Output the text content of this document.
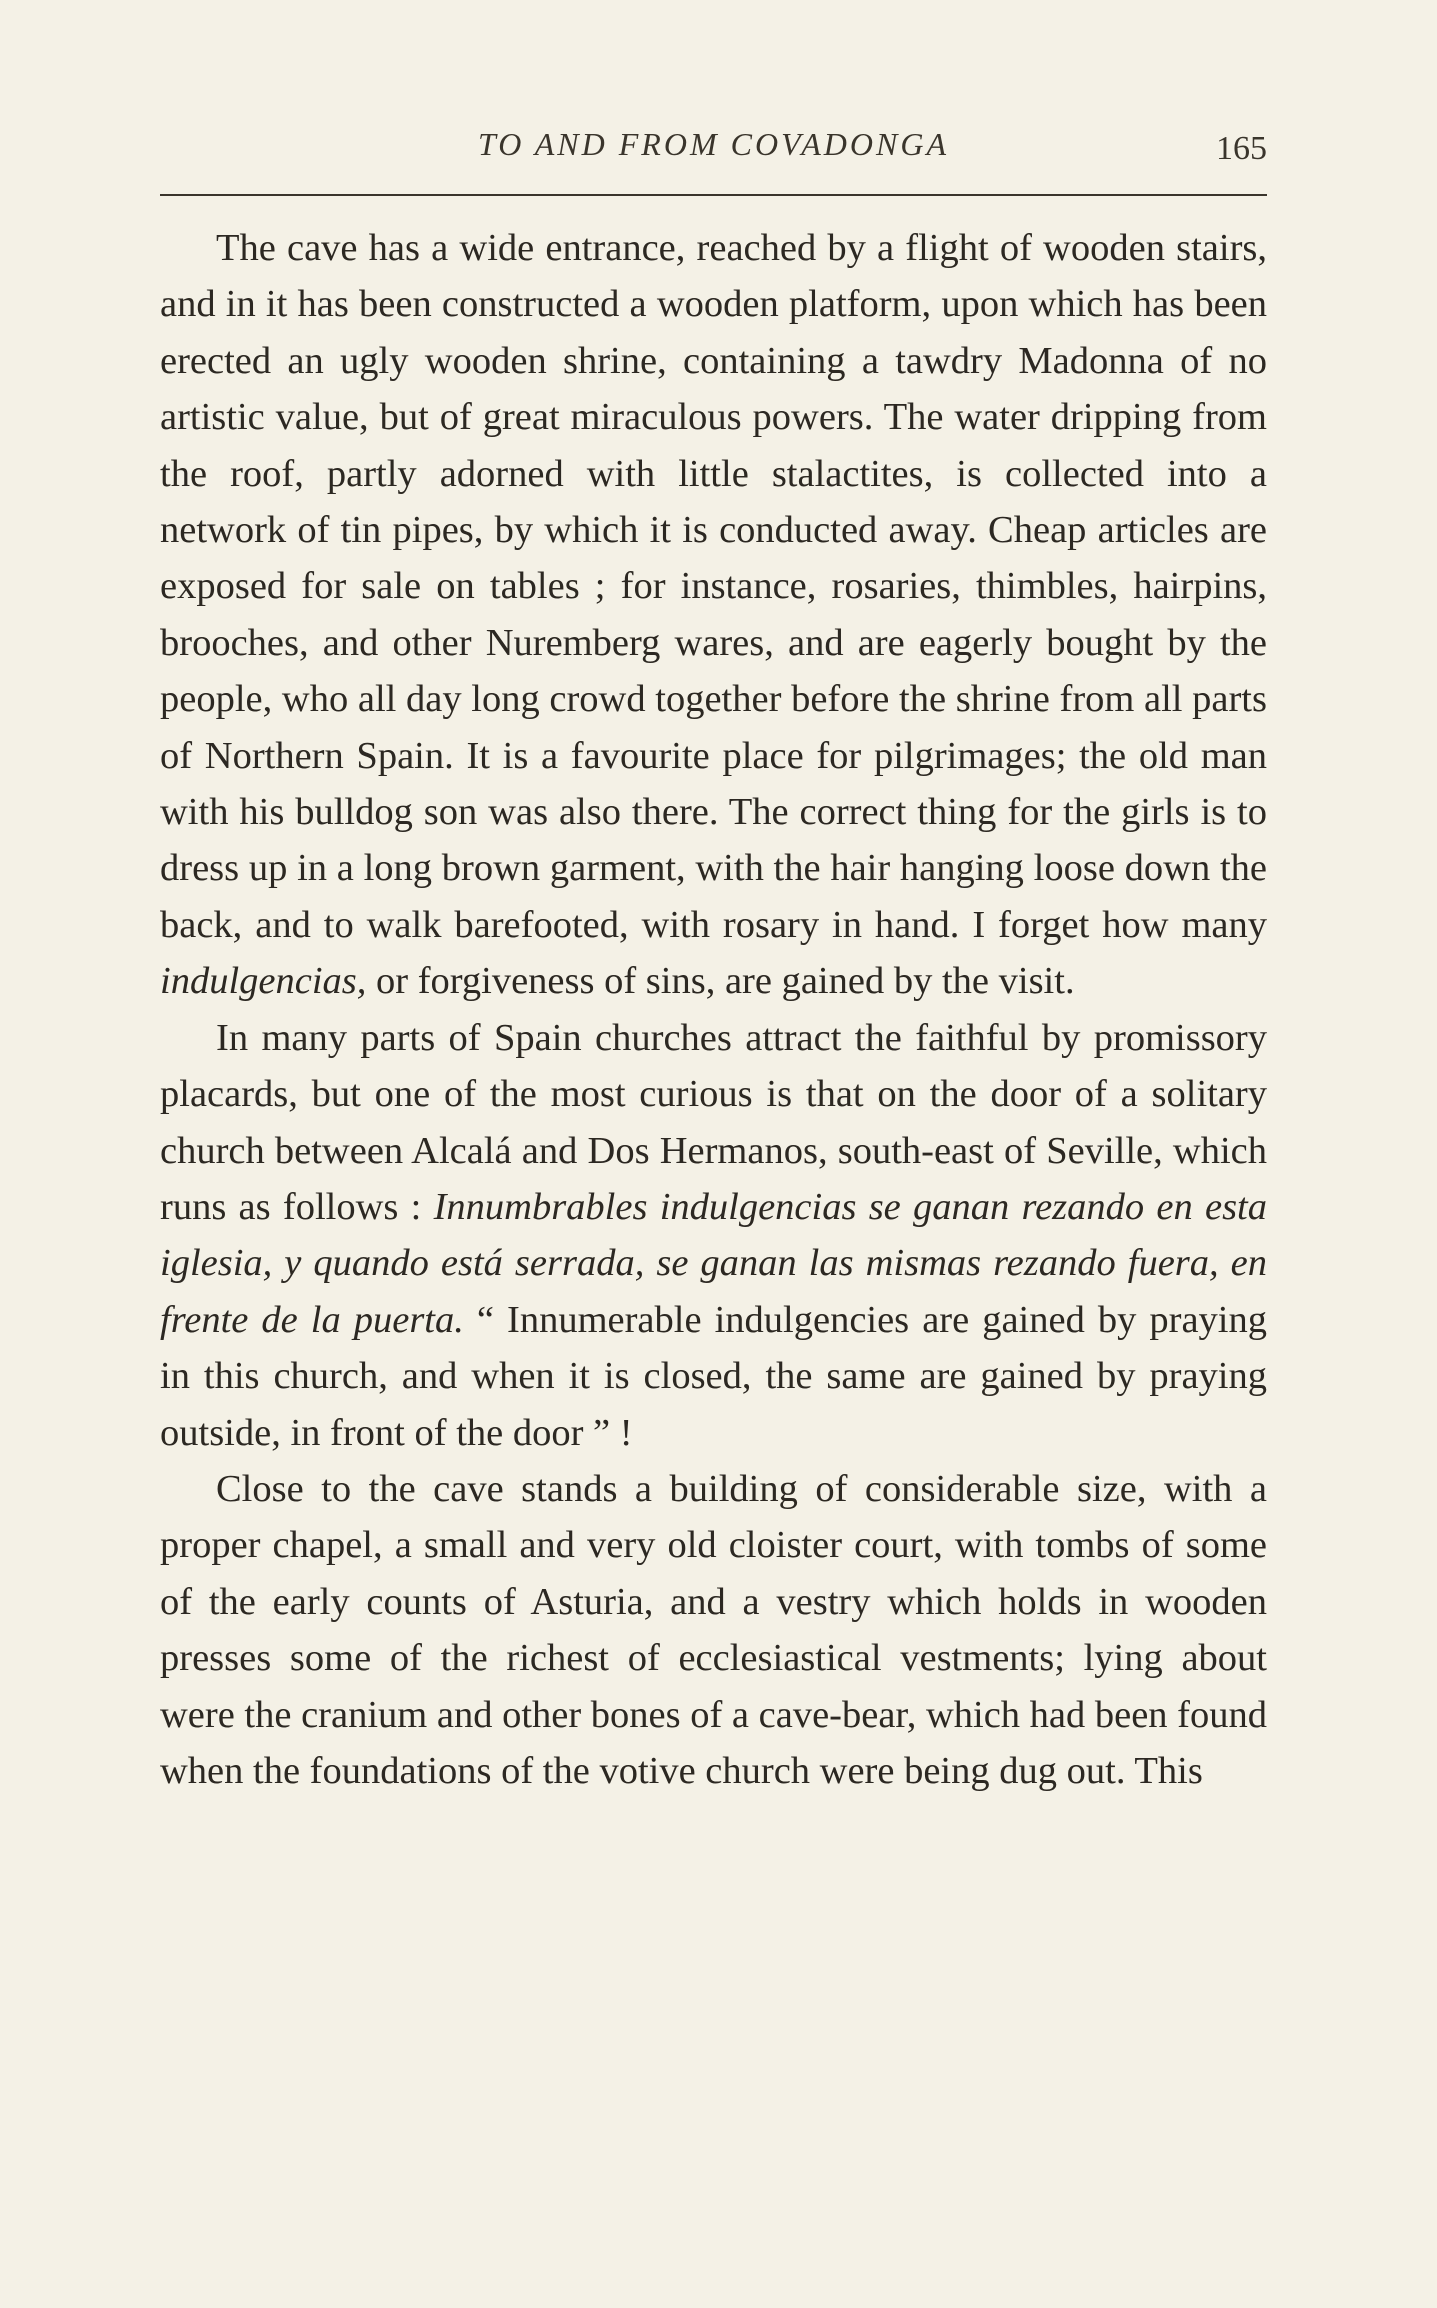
TO AND FROM COVADONGA	165

The cave has a wide entrance, reached by a flight of wooden stairs, and in it has been constructed a wooden platform, upon which has been erected an ugly wooden shrine, containing a tawdry Madonna of no artistic value, but of great miraculous powers. The water dripping from the roof, partly adorned with little stalactites, is collected into a network of tin pipes, by which it is conducted away. Cheap articles are exposed for sale on tables ; for instance, rosaries, thimbles, hairpins, brooches, and other Nuremberg wares, and are eagerly bought by the people, who all day long crowd together before the shrine from all parts of Northern Spain. It is a favourite place for pilgrimages; the old man with his bulldog son was also there. The correct thing for the girls is to dress up in a long brown garment, with the hair hanging loose down the back, and to walk barefooted, with rosary in hand. I forget how many indulgencias, or forgiveness of sins, are gained by the visit.

In many parts of Spain churches attract the faithful by promissory placards, but one of the most curious is that on the door of a solitary church between Alcalá and Dos Hermanos, south-east of Seville, which runs as follows : Innumbrables indulgencias se ganan rezando en esta iglesia, y quando está serrada, se ganan las mismas rezando fuera, en frente de la puerta. “ Innumerable indulgencies are gained by praying in this church, and when it is closed, the same are gained by praying outside, in front of the door ” !

Close to the cave stands a building of considerable size, with a proper chapel, a small and very old cloister court, with tombs of some of the early counts of Asturia, and a vestry which holds in wooden presses some of the richest of ecclesiastical vestments; lying about were the cranium and other bones of a cave-bear, which had been found when the foundations of the votive church were being dug out. This
